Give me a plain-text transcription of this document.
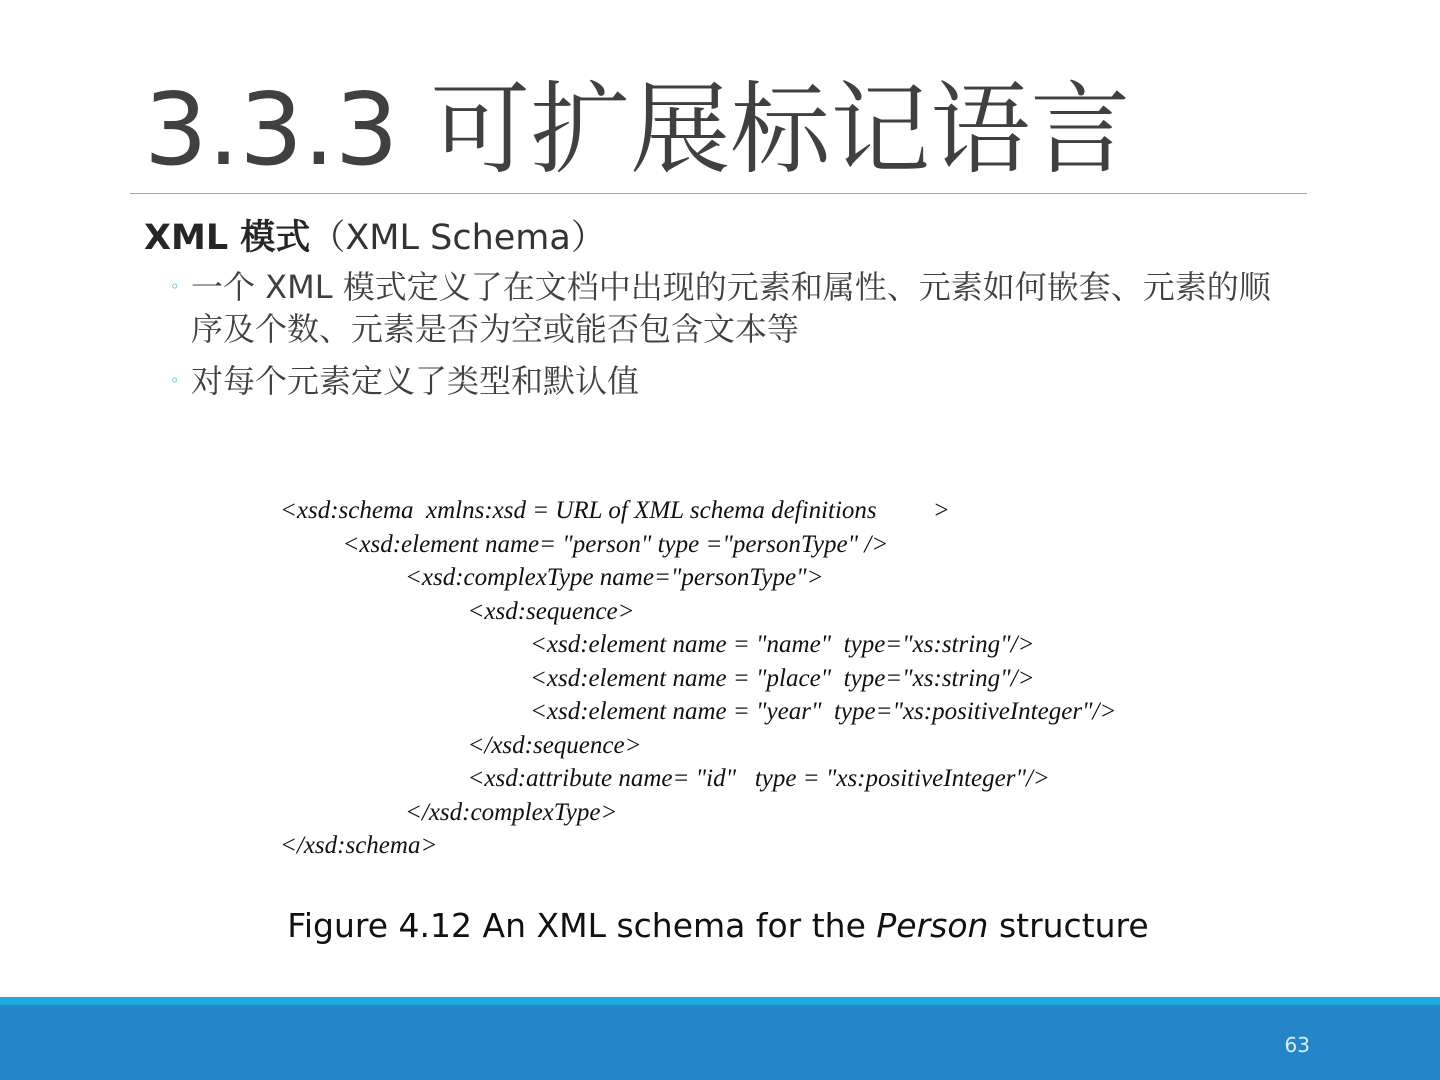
3.3.3 可扩展标记语言
XML 模式（XML Schema）
◦ 一个 XML 模式定义了在文档中出现的元素和属性、元素如何嵌套、元素的顺序及个数、元素是否为空或能否包含文本等
◦ 对每个元素定义了类型和默认值
<xsd:schema  xmlns:xsd = URL of XML schema definitions         >
<xsd:element name= "person" type ="personType" />
<xsd:complexType name="personType">
<xsd:sequence>
<xsd:element name = "name"  type="xs:string"/>
<xsd:element name = "place"  type="xs:string"/>
<xsd:element name = "year"  type="xs:positiveInteger"/>
</xsd:sequence>
<xsd:attribute name= "id"   type = "xs:positiveInteger"/>
</xsd:complexType>
</xsd:schema>
Figure 4.12 An XML schema for the Person structure
63
